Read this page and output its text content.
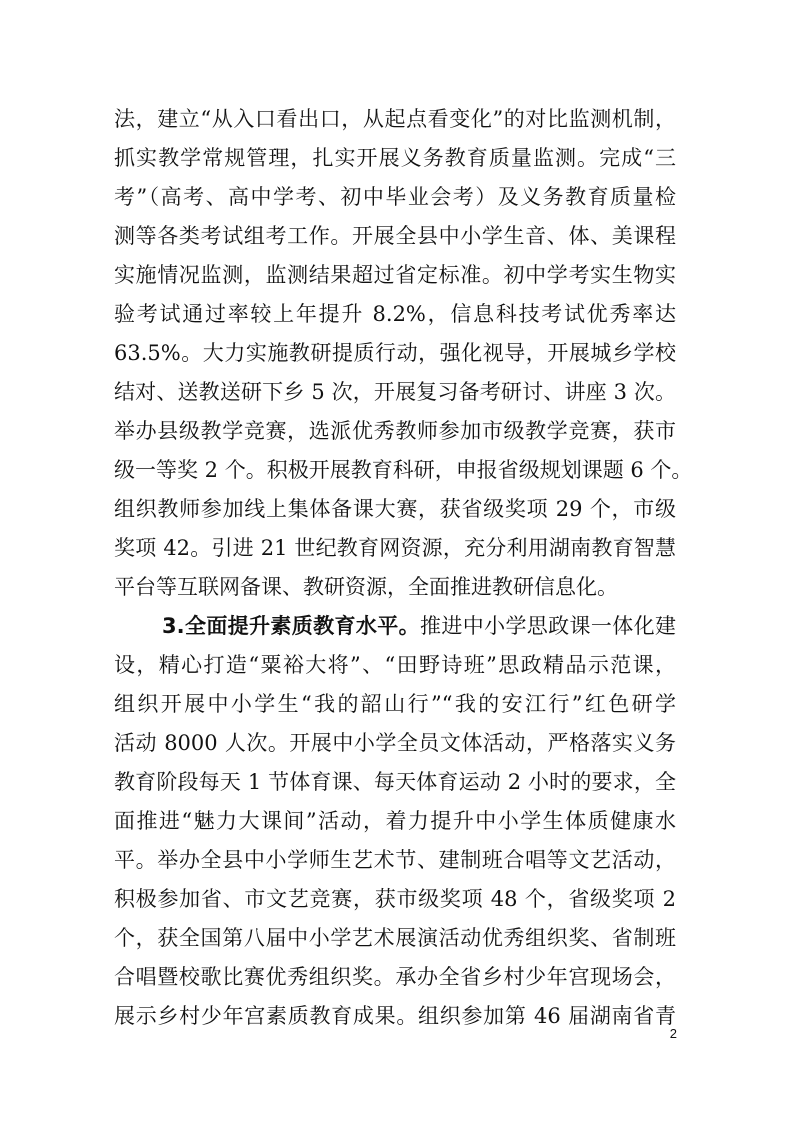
法，建立“从入口看出口，从起点看变化”的对比监测机制，
抓实教学常规管理，扎实开展义务教育质量监测。完成“三
考”（高考、高中学考、初中毕业会考）及义务教育质量检
测等各类考试组考工作。开展全县中小学生音、体、美课程
实施情况监测，监测结果超过省定标准。初中学考实生物实
验考试通过率较上年提升 8.2%，信息科技考试优秀率达
63.5%。大力实施教研提质行动，强化视导，开展城乡学校
结对、送教送研下乡 5 次，开展复习备考研讨、讲座 3 次。
举办县级教学竞赛，选派优秀教师参加市级教学竞赛，获市
级一等奖 2 个。积极开展教育科研，申报省级规划课题 6 个。
组织教师参加线上集体备课大赛，获省级奖项 29 个，市级
奖项 42。引进 21 世纪教育网资源，充分利用湖南教育智慧
平台等互联网备课、教研资源，全面推进教研信息化。
3.全面提升素质教育水平。推进中小学思政课一体化建
设，精心打造“粟裕大将”、“田野诗班”思政精品示范课，
组织开展中小学生“我的韶山行”“我的安江行”红色研学
活动 8000 人次。开展中小学全员文体活动，严格落实义务
教育阶段每天 1 节体育课、每天体育运动 2 小时的要求，全
面推进“魅力大课间”活动，着力提升中小学生体质健康水
平。举办全县中小学师生艺术节、建制班合唱等文艺活动，
积极参加省、市文艺竞赛，获市级奖项 48 个，省级奖项 2
个，获全国第八届中小学艺术展演活动优秀组织奖、省制班
合唱暨校歌比赛优秀组织奖。承办全省乡村少年宫现场会，
展示乡村少年宫素质教育成果。组织参加第 46 届湖南省青
2
